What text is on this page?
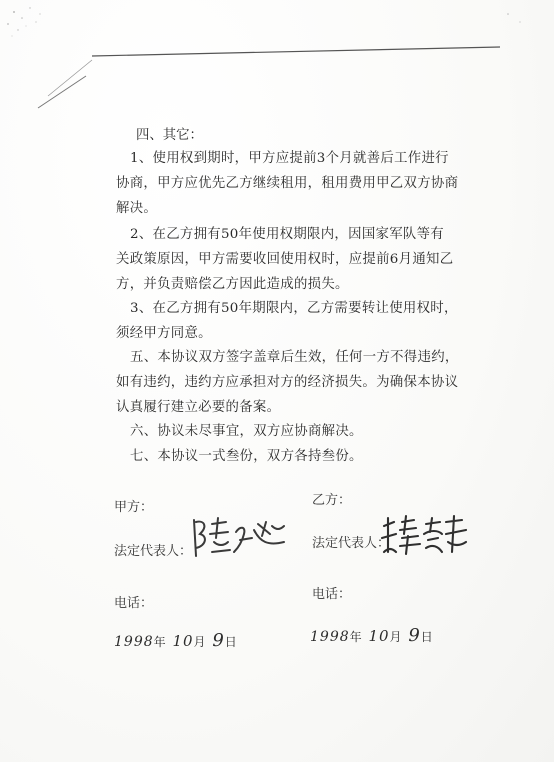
四、其它：

1、使用权到期时，甲方应提前3个月就善后工作进行
协商，甲方应优先乙方继续租用，租用费用甲乙双方协商
解决。

2、在乙方拥有50年使用权期限内，因国家军队等有
关政策原因，甲方需要收回使用权时，应提前6月通知乙
方，并负责赔偿乙方因此造成的损失。

3、在乙方拥有50年期限内，乙方需要转让使用权时，
须经甲方同意。

五、本协议双方签字盖章后生效，任何一方不得违约，
如有违约，违约方应承担对方的经济损失。为确保本协议
认真履行建立必要的备案。

六、协议未尽事宜，双方应协商解决。

七、本协议一式叁份，双方各持叁份。

甲方：

法定代表人：

电话：

1998年 10月 9日

乙方：

法定代表人：

电话：

1998年 10月 9日
